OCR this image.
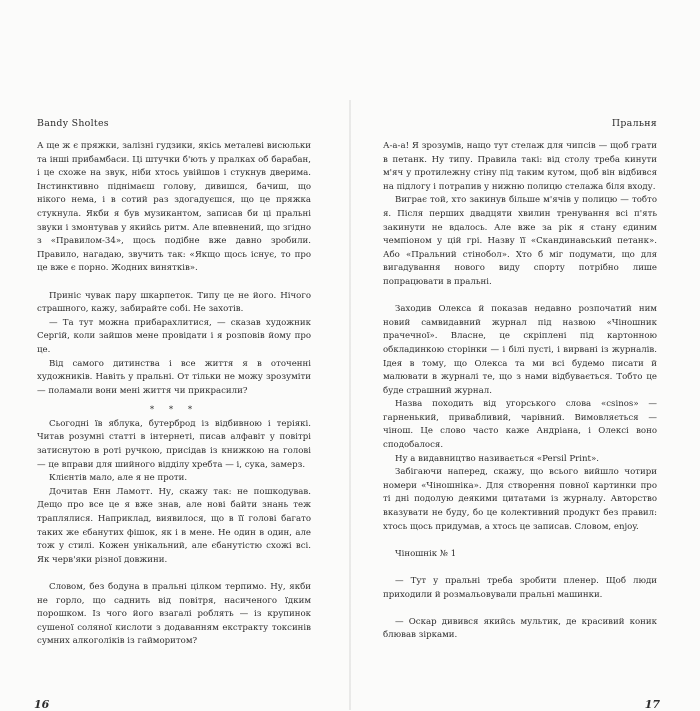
Bandy Sholtes

А ще ж є пряжки, залізні гудзики, якісь металеві висюльки та інші прибамбаси. Ці штучки б'ють у пралках об барабан, і це схоже на звук, ніби хтось увійшов і стукнув дверима. Інстинктивно піднімаєш голову, дивишся, бачиш, що нікого нема, і в сотий раз здогадуєшся, що це пряжка стукнула. Якби я був музикантом, записав би ці пральні звуки і змонтував у якийсь ритм. Але впевнений, що згідно з «Правилом-34», щось подібне вже давно зробили. Правило, нагадаю, звучить так: «Якщо щось існує, то про це вже є порно. Жодних винятків».

Приніс чувак пару шкарпеток. Типу це не його. Нічого страшного, кажу, забирайте собі. Не захотів.

— Та тут можна прибарахлитися, — сказав художник Сергій, коли зайшов мене провідати і я розповів йому про це.

Від самого дитинства і все життя я в оточенні художників. Навіть у пральні. От тільки не можу зрозуміти — поламали вони мені життя чи прикрасили?

* * *

Сьогодні їв яблука, бутерброд із відбивною і теріякі. Читав розумні статті в інтернеті, писав алфавіт у повітрі затиснутою в роті ручкою, присідав із книжкою на голові — це вправи для шийного відділу хребта — і, сука, замерз.

Клієнтів мало, але я не проти.

Дочитав Енн Ламотт. Ну, скажу так: не пошкодував. Дещо про все це я вже знав, але нові байти знань теж траплялися. Наприклад, виявилося, що в її голові багато таких же єбанутих фішок, як і в мене. Не один в один, але тож у стилі. Кожен унікальний, але єбанутістю схожі всі. Як черв'яки різної довжини.

Словом, без бодуна в пральні цілком терпимо. Ну, якби не горло, що саднить від повітря, насиченого їдким порошком. Із чого його взагалі роблять — із крупинок сушеної соляної кислоти з додаванням екстракту токсинів сумних алкоголіків із гайморитом?

16
Пральня

А-а-а! Я зрозумів, нащо тут стелаж для чипсів — щоб грати в петанк. Ну типу. Правила такі: від столу треба кинути м'яч у протилежну стіну під таким кутом, щоб він відбився на підлогу і потрапив у нижню полицю стелажа біля входу.

Виграє той, хто закинув більше м'ячів у полицю — тобто я. Після перших двадцяти хвилин тренування всі п'ять закинути не вдалось. Але вже за рік я стану єдиним чемпіоном у цій грі. Назву її «Скандинавський петанк». Або «Пральний стінобол». Хто б міг подумати, що для вигадування нового виду спорту потрібно лише попрацювати в пральні.

Заходив Олекса й показав недавно розпочатий ним новий самвидавний журнал під назвою «Чіношник прачечної». Власне, це скріплені під картонною обкладинкою сторінки — і білі пусті, і вирвані із журналів. Ідея в тому, що Олекса та ми всі будемо писати й малювати в журналі те, що з нами відбувається. Тобто це буде страшний журнал.

Назва походить від угорського слова «csinos» — гарненький, привабливий, чарівний. Вимовляється — чінош. Це слово часто каже Андріана, і Олексі воно сподобалося.

Ну а видавництво називається «Persil Print».

Забігаючи наперед, скажу, що всього вийшло чотири номери «Чіношніка». Для створення повної картинки про ті дні подолую деякими цитатами із журналу. Авторство вказувати не буду, бо це колективний продукт без правил: хтось щось придумав, а хтось це записав. Словом, enjoy.

Чіношнік № 1

— Тут у пральні треба зробити пленер. Щоб люди приходили й розмальовували пральні машинки.

— Оскар дивився якийсь мультик, де красивий коник блював зірками.

17
